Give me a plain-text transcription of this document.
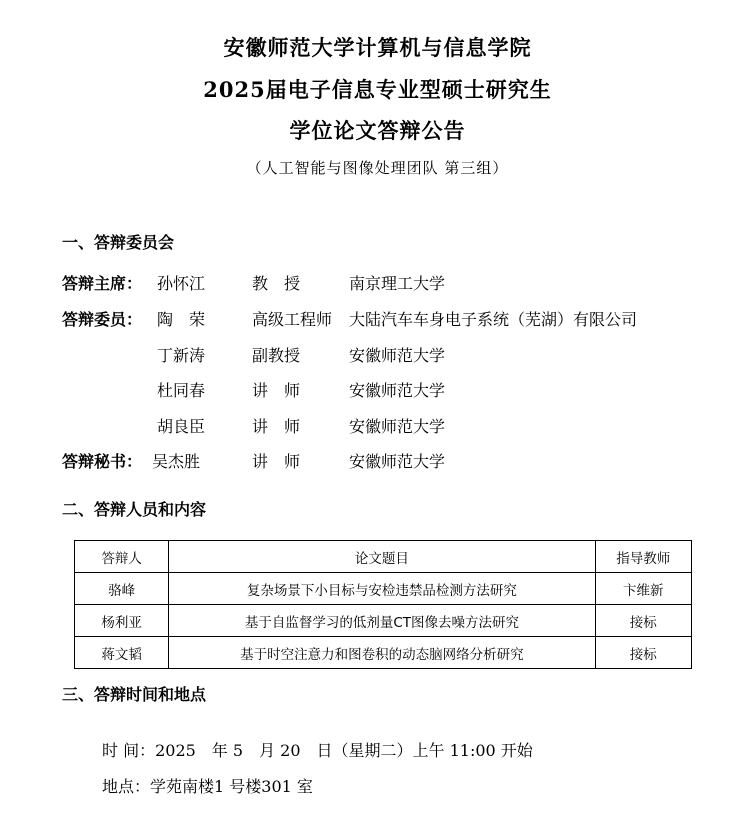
安徽师范大学计算机与信息学院
2025届电子信息专业型硕士研究生
学位论文答辩公告
（人工智能与图像处理团队 第三组）
一、答辩委员会
答辩主席： 孙怀江	教　授	南京理工大学
答辩委员： 陶　荣	高级工程师 大陆汽车车身电子系统（芜湖）有限公司
丁新涛	副教授	安徽师范大学
杜同春	讲　师	安徽师范大学
胡良臣	讲　师	安徽师范大学
答辩秘书： 吴杰胜	讲　师	安徽师范大学
二、答辩人员和内容
答辩人	论文题目	指导教师
骆峰	复杂场景下小目标与安检违禁品检测方法研究	卞维新
杨利亚	基于自监督学习的低剂量CT图像去噪方法研究	接标
蒋文韬	基于时空注意力和图卷积的动态脑网络分析研究	接标
三、答辩时间和地点
时 间：2025　年 5　月 20　日（星期二）上午 11:00 开始
地点：学苑南楼1 号楼301 室
